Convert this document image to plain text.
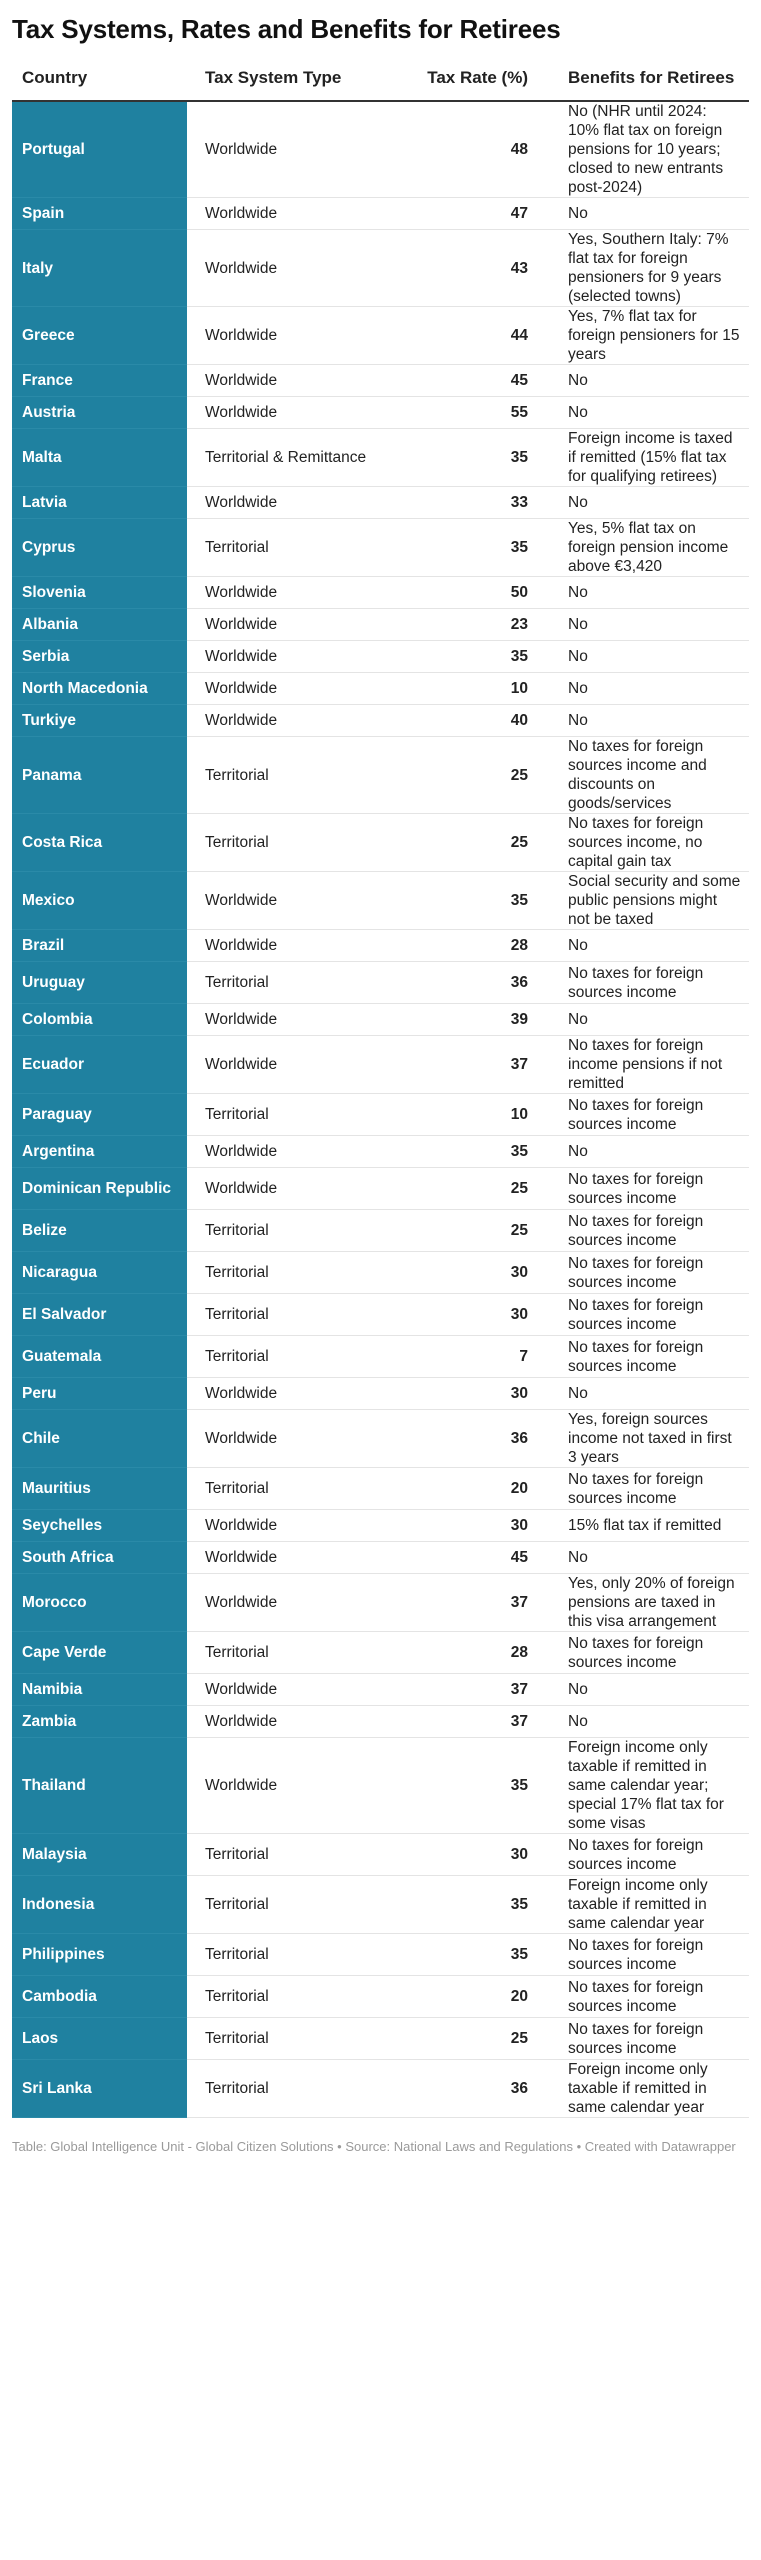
Tax Systems, Rates and Benefits for Retirees
Country	Tax System Type	Tax Rate (%)	Benefits for Retirees
Portugal	Worldwide	48	No (NHR until 2024: 10% flat tax on foreign pensions for 10 years; closed to new entrants post-2024)
Spain	Worldwide	47	No
Italy	Worldwide	43	Yes, Southern Italy: 7% flat tax for foreign pensioners for 9 years (selected towns)
Greece	Worldwide	44	Yes, 7% flat tax for foreign pensioners for 15 years
France	Worldwide	45	No
Austria	Worldwide	55	No
Malta	Territorial & Remittance	35	Foreign income is taxed if remitted (15% flat tax for qualifying retirees)
Latvia	Worldwide	33	No
Cyprus	Territorial	35	Yes, 5% flat tax on foreign pension income above €3,420
Slovenia	Worldwide	50	No
Albania	Worldwide	23	No
Serbia	Worldwide	35	No
North Macedonia	Worldwide	10	No
Turkiye	Worldwide	40	No
Panama	Territorial	25	No taxes for foreign sources income and discounts on goods/services
Costa Rica	Territorial	25	No taxes for foreign sources income, no capital gain tax
Mexico	Worldwide	35	Social security and some public pensions might not be taxed
Brazil	Worldwide	28	No
Uruguay	Territorial	36	No taxes for foreign sources income
Colombia	Worldwide	39	No
Ecuador	Worldwide	37	No taxes for foreign income pensions if not remitted
Paraguay	Territorial	10	No taxes for foreign sources income
Argentina	Worldwide	35	No
Dominican Republic	Worldwide	25	No taxes for foreign sources income
Belize	Territorial	25	No taxes for foreign sources income
Nicaragua	Territorial	30	No taxes for foreign sources income
El Salvador	Territorial	30	No taxes for foreign sources income
Guatemala	Territorial	7	No taxes for foreign sources income
Peru	Worldwide	30	No
Chile	Worldwide	36	Yes, foreign sources income not taxed in first 3 years
Mauritius	Territorial	20	No taxes for foreign sources income
Seychelles	Worldwide	30	15% flat tax if remitted
South Africa	Worldwide	45	No
Morocco	Worldwide	37	Yes, only 20% of foreign pensions are taxed in this visa arrangement
Cape Verde	Territorial	28	No taxes for foreign sources income
Namibia	Worldwide	37	No
Zambia	Worldwide	37	No
Thailand	Worldwide	35	Foreign income only taxable if remitted in same calendar year; special 17% flat tax for some visas
Malaysia	Territorial	30	No taxes for foreign sources income
Indonesia	Territorial	35	Foreign income only taxable if remitted in same calendar year
Philippines	Territorial	35	No taxes for foreign sources income
Cambodia	Territorial	20	No taxes for foreign sources income
Laos	Territorial	25	No taxes for foreign sources income
Sri Lanka	Territorial	36	Foreign income only taxable if remitted in same calendar year
Table: Global Intelligence Unit - Global Citizen Solutions • Source: National Laws and Regulations • Created with Datawrapper
